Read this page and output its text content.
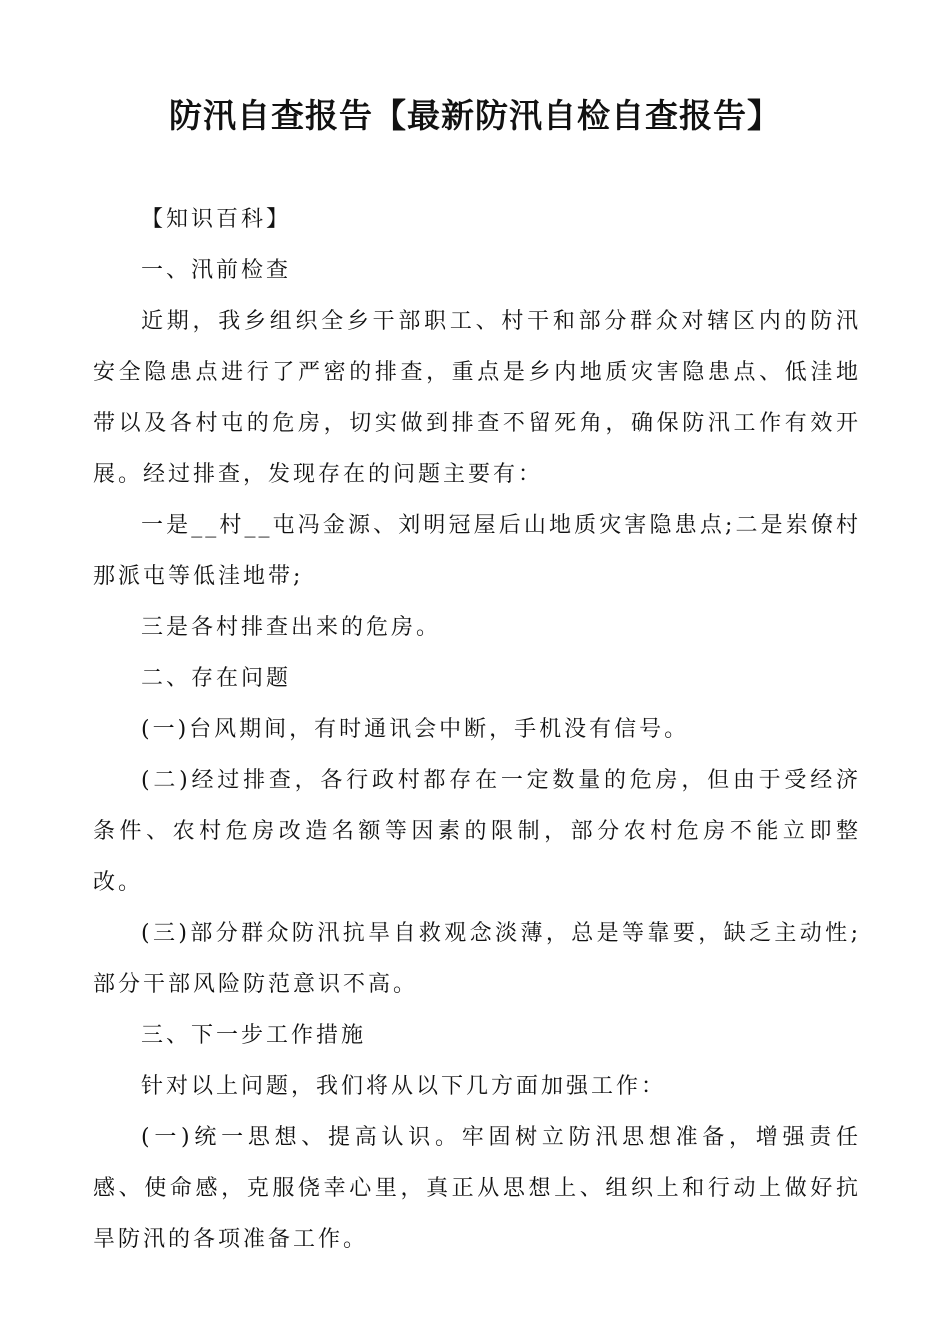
防汛自查报告【最新防汛自检自查报告】

【知识百科】

一、汛前检查

近期，我乡组织全乡干部职工、村干和部分群众对辖区内的防汛安全隐患点进行了严密的排查，重点是乡内地质灾害隐患点、低洼地带以及各村屯的危房，切实做到排查不留死角，确保防汛工作有效开展。经过排查，发现存在的问题主要有：

一是__村__屯冯金源、刘明冠屋后山地质灾害隐患点;二是岽僚村那派屯等低洼地带;

三是各村排查出来的危房。

二、存在问题

(一)台风期间，有时通讯会中断，手机没有信号。

(二)经过排查，各行政村都存在一定数量的危房，但由于受经济条件、农村危房改造名额等因素的限制，部分农村危房不能立即整改。

(三)部分群众防汛抗旱自救观念淡薄，总是等靠要，缺乏主动性;部分干部风险防范意识不高。

三、下一步工作措施

针对以上问题，我们将从以下几方面加强工作：

(一)统一思想、提高认识。牢固树立防汛思想准备，增强责任感、使命感，克服侥幸心里，真正从思想上、组织上和行动上做好抗旱防汛的各项准备工作。
